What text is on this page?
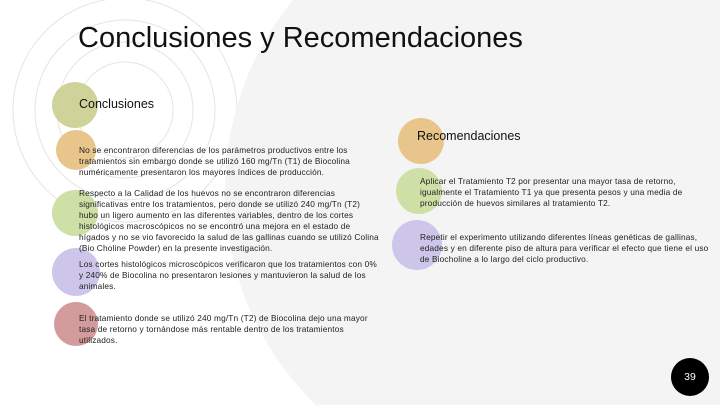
Conclusiones y Recomendaciones
Conclusiones
Recomendaciones
No se encontraron diferencias de los parámetros productivos entre los tratamientos sin embargo donde se utilizó 160 mg/Tn (T1) de Biocolina numéricamente presentaron los mayores índices de producción.
Respecto a la Calidad de los huevos no se encontraron diferencias significativas entre los tratamientos, pero donde se utilizó 240 mg/Tn (T2) hubo un ligero aumento en las diferentes variables, dentro de los cortes histológicos macroscópicos no se encontró una mejora en el estado de hígados y no se vio favorecido la salud de las gallinas cuando se utilizó Colina (Bio Choline Powder) en la presente investigación.
Los cortes histológicos microscópicos verificaron que los tratamientos con 0% y 240% de Biocolina no presentaron lesiones y mantuvieron la salud de los animales.
El tratamiento donde se utilizó 240 mg/Tn (T2) de Biocolina dejo una mayor tasa de retorno y tornándose más rentable dentro de los tratamientos utilizados.
Aplicar el Tratamiento T2 por presentar una mayor tasa de retorno, igualmente el Tratamiento T1 ya que presenta pesos y una media de producción de huevos similares al tratamiento T2.
Repetir el experimento utilizando diferentes líneas genéticas de gallinas, edades y en diferente piso de altura para verificar el efecto que tiene el uso de Biocholine a lo largo del ciclo productivo.
39
